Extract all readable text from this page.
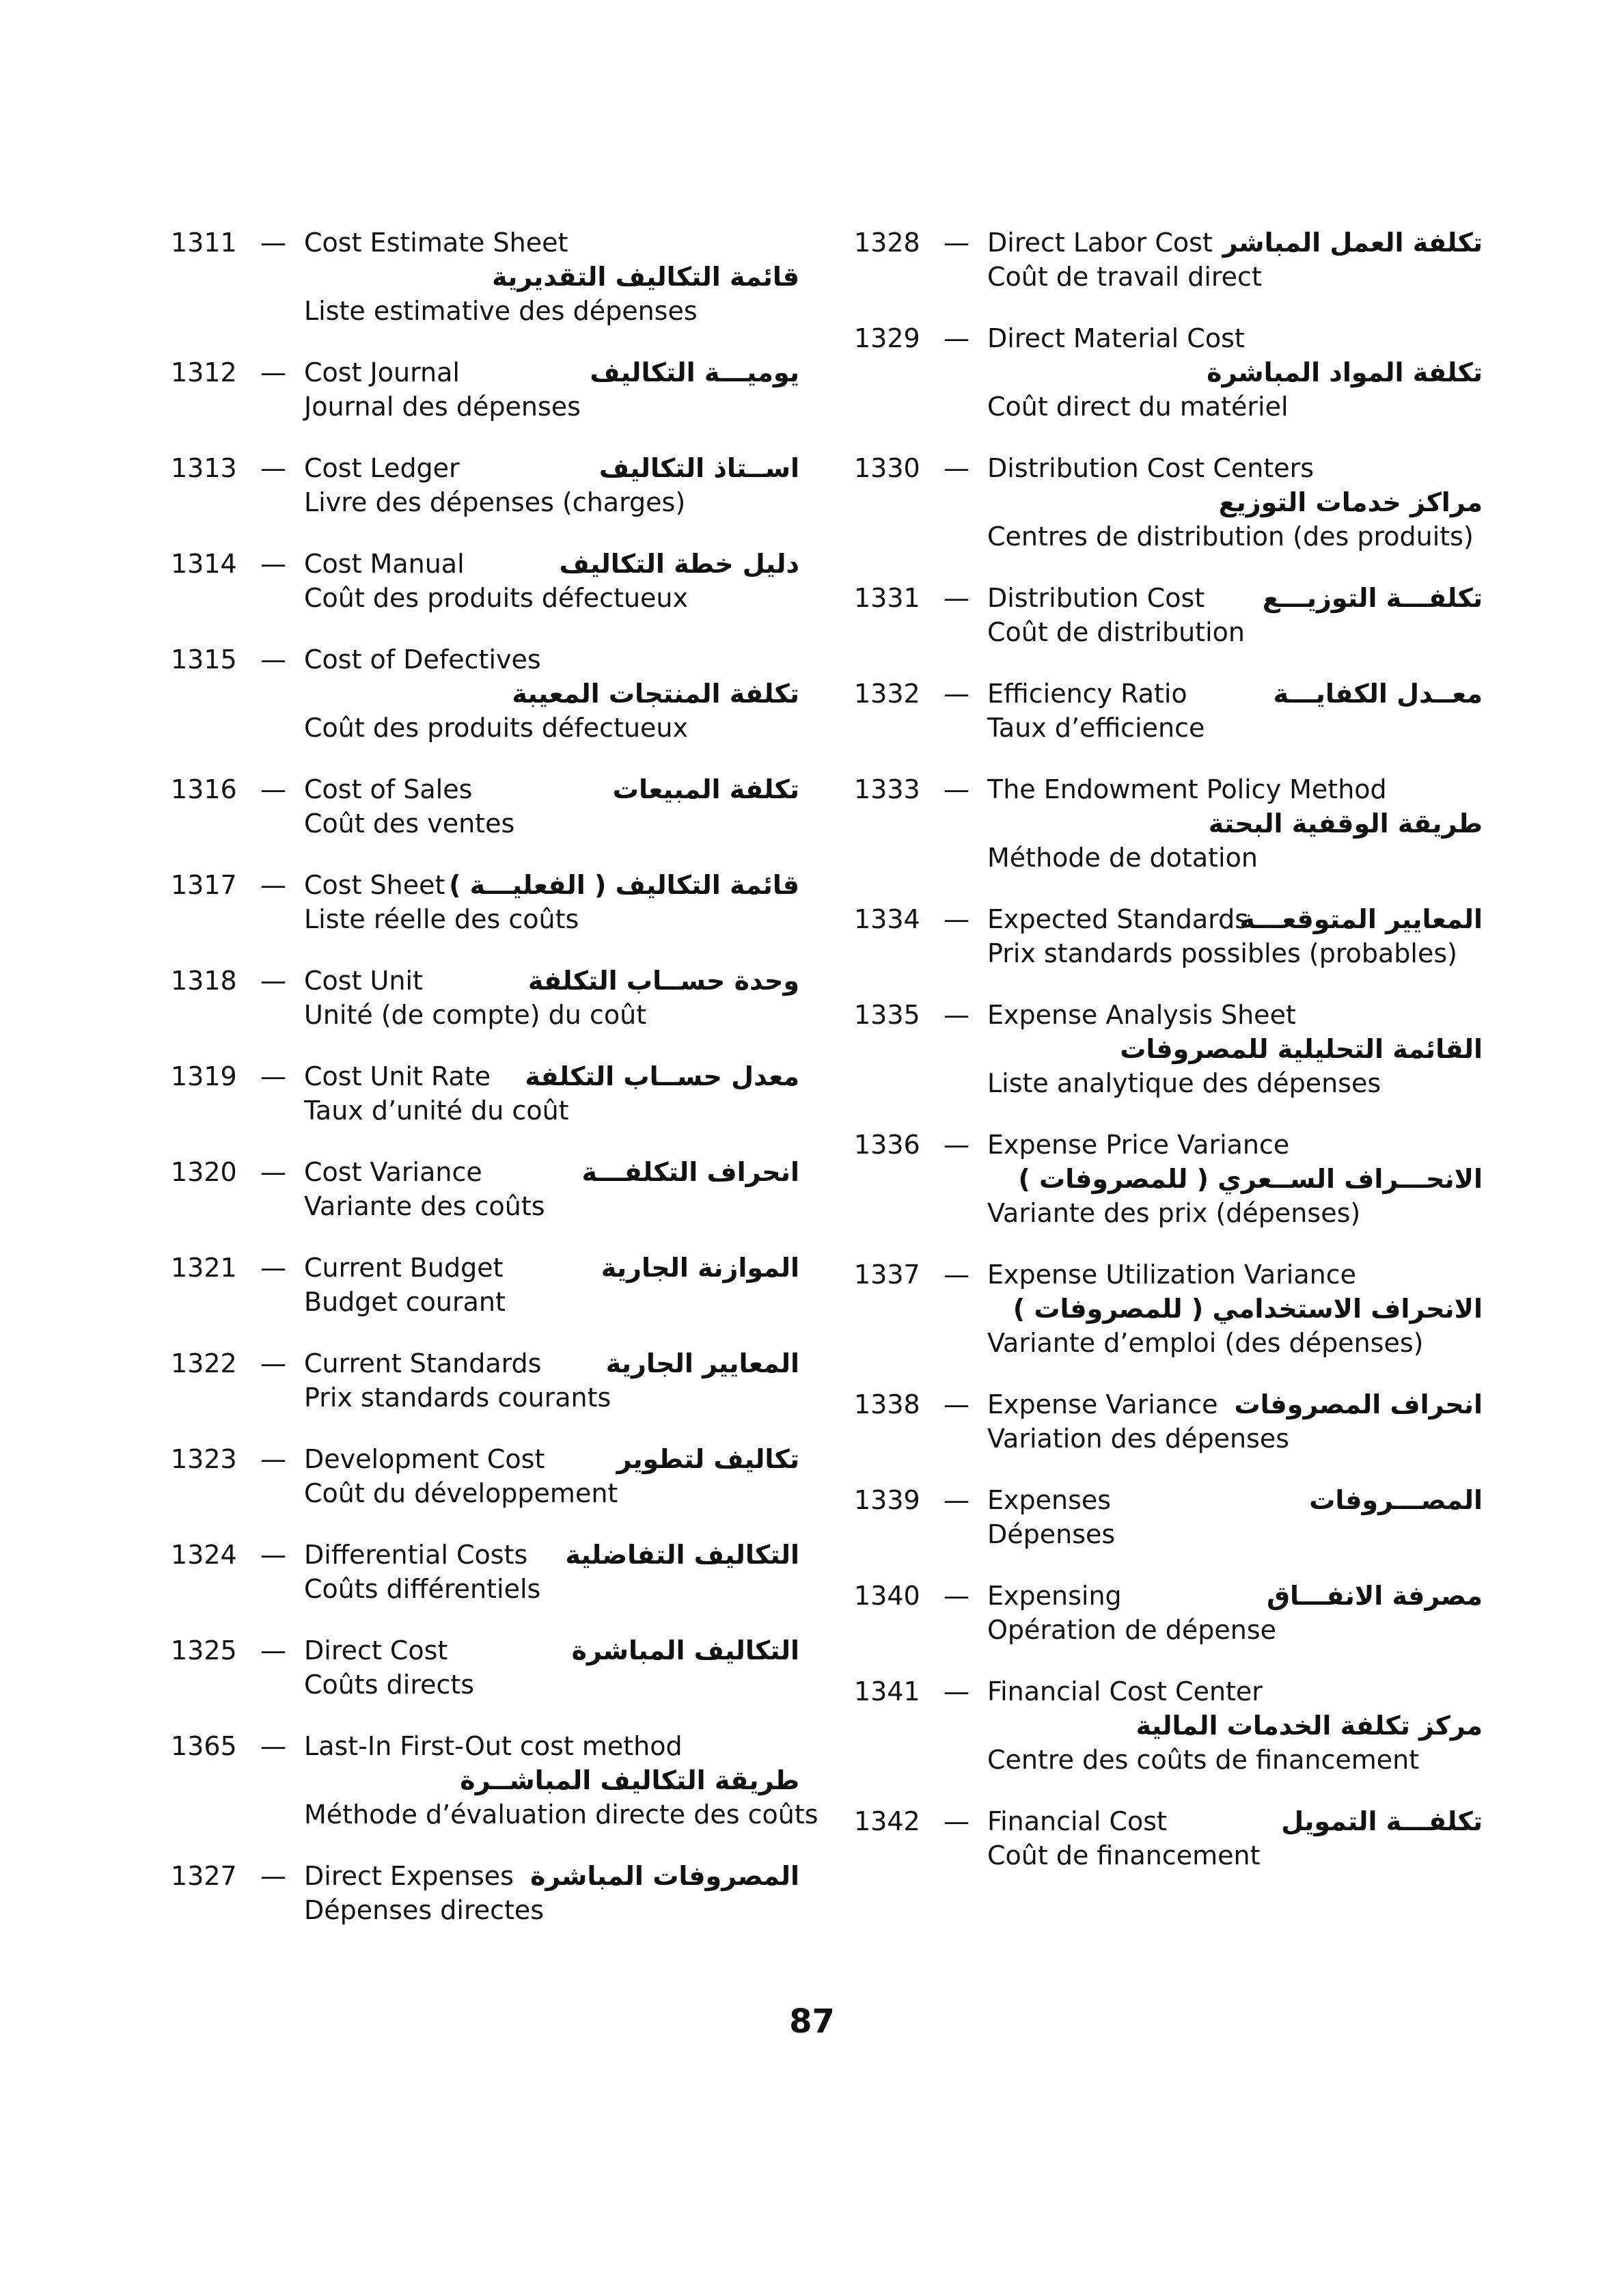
1311 — Cost Estimate Sheet
قائمة التكاليف التقديرية
Liste estimative des dépenses
1312 — Cost Journal	يوميـــة التكاليف
Journal des dépenses
1313 — Cost Ledger	اســتاذ التكاليف
Livre des dépenses (charges)
1314 — Cost Manual	دليل خطة التكاليف
Coût des produits défectueux
1315 — Cost of Defectives
تكلفة المنتجات المعيبة
Coût des produits défectueux
1316 — Cost of Sales	تكلفة المبيعات
Coût des ventes
1317 — Cost Sheet قائمة التكاليف ( الفعليـــة )
Liste réelle des coûts
1318 — Cost Unit	وحدة حســاب التكلفة
Unité (de compte) du coût
1319 — Cost Unit Rate معدل حســاب التكلفة
Taux d’unité du coût
1320 — Cost Variance	انحراف التكلفـــة
Variante des coûts
1321 — Current Budget	الموازنة الجارية
Budget courant
1322 — Current Standards المعايير الجارية
Prix standards courants
1323 — Development Cost	تكاليف لتطوير
Coût du développement
1324 — Differential Costs التكاليف التفاضلية
Coûts différentiels
1325 — Direct Cost	التكاليف المباشرة
Coûts directs
1365 — Last-In First-Out cost method
طريقة التكاليف المباشــرة
Méthode d’évaluation directe des coûts
1327 — Direct Expenses المصروفات المباشرة
Dépenses directes
1328 — Direct Labor Cost تكلفة العمل المباشر
Coût de travail direct
1329 — Direct Material Cost
تكلفة المواد المباشرة
Coût direct du matériel
1330 — Distribution Cost Centers
مراكز خدمات التوزيع
Centres de distribution (des produits)
1331 — Distribution Cost تكلفـــة التوزيـــع
Coût de distribution
1332 — Efficiency Ratio	معــدل الكفايـــة
Taux d’efficience
1333 — The Endowment Policy Method
طريقة الوقفية البحتة
Méthode de dotation
1334 — Expected Standards
المعايير المتوقعـــة
Prix standards possibles (probables)
1335 — Expense Analysis Sheet
القائمة التحليلية للمصروفات
Liste analytique des dépenses
1336 — Expense Price Variance
الانحـــراف الســعري ( للمصروفات )
Variante des prix (dépenses)
1337 — Expense Utilization Variance
الانحراف الاستخدامي ( للمصروفات )
Variante d’emploi (des dépenses)
1338 — Expense Variance انحراف المصروفات
Variation des dépenses
1339 — Expenses	المصـــروفات
Dépenses
1340 — Expensing	مصرفة الانفـــاق
Opération de dépense
1341 — Financial Cost Center
مركز تكلفة الخدمات المالية
Centre des coûts de financement
1342 — Financial Cost	تكلفـــة التمويل
Coût de financement
87
